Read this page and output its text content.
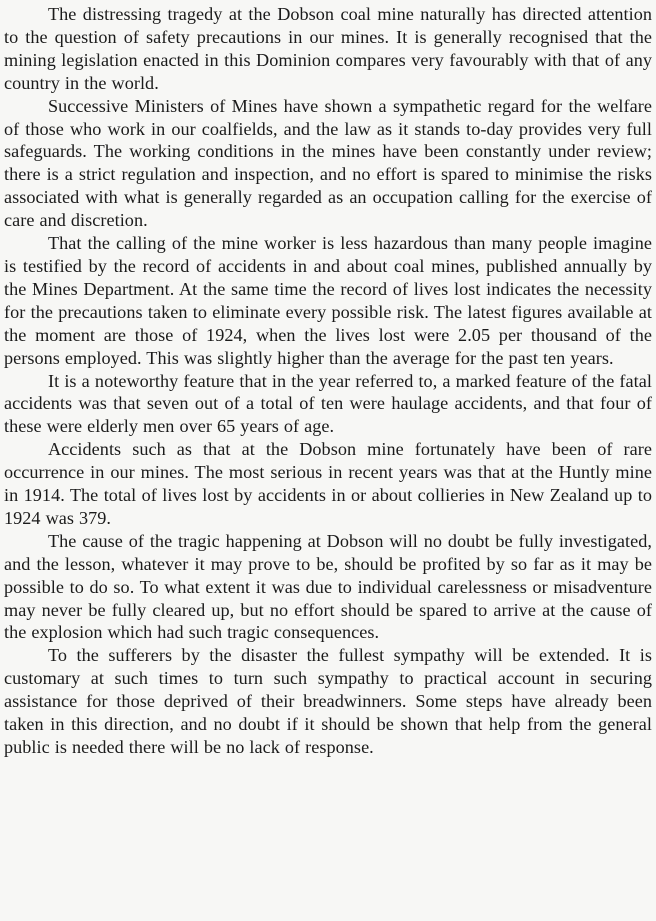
The distressing tragedy at the Dobson coal mine naturally has directed attention to the question of safety precautions in our mines. It is generally recognised that the mining legislation enacted in this Dominion compares very favourably with that of any country in the world.

Successive Ministers of Mines have shown a sympathetic regard for the welfare of those who work in our coalfields, and the law as it stands to-day provides very full safeguards. The working conditions in the mines have been constantly under review; there is a strict regulation and inspection, and no effort is spared to minimise the risks associated with what is generally regarded as an occupation calling for the exercise of care and discretion.

That the calling of the mine worker is less hazardous than many people imagine is testified by the record of accidents in and about coal mines, published annually by the Mines Department. At the same time the record of lives lost indicates the necessity for the precautions taken to eliminate every possible risk. The latest figures available at the moment are those of 1924, when the lives lost were 2.05 per thousand of the persons employed. This was slightly higher than the average for the past ten years.

It is a noteworthy feature that in the year referred to, a marked feature of the fatal accidents was that seven out of a total of ten were haulage accidents, and that four of these were elderly men over 65 years of age.

Accidents such as that at the Dobson mine fortunately have been of rare occurrence in our mines. The most serious in recent years was that at the Huntly mine in 1914. The total of lives lost by accidents in or about collieries in New Zealand up to 1924 was 379.

The cause of the tragic happening at Dobson will no doubt be fully investigated, and the lesson, whatever it may prove to be, should be profited by so far as it may be possible to do so. To what extent it was due to individual carelessness or misadventure may never be fully cleared up, but no effort should be spared to arrive at the cause of the explosion which had such tragic consequences.

To the sufferers by the disaster the fullest sympathy will be extended. It is customary at such times to turn such sympathy to practical account in securing assistance for those deprived of their breadwinners. Some steps have already been taken in this direction, and no doubt if it should be shown that help from the general public is needed there will be no lack of response.
